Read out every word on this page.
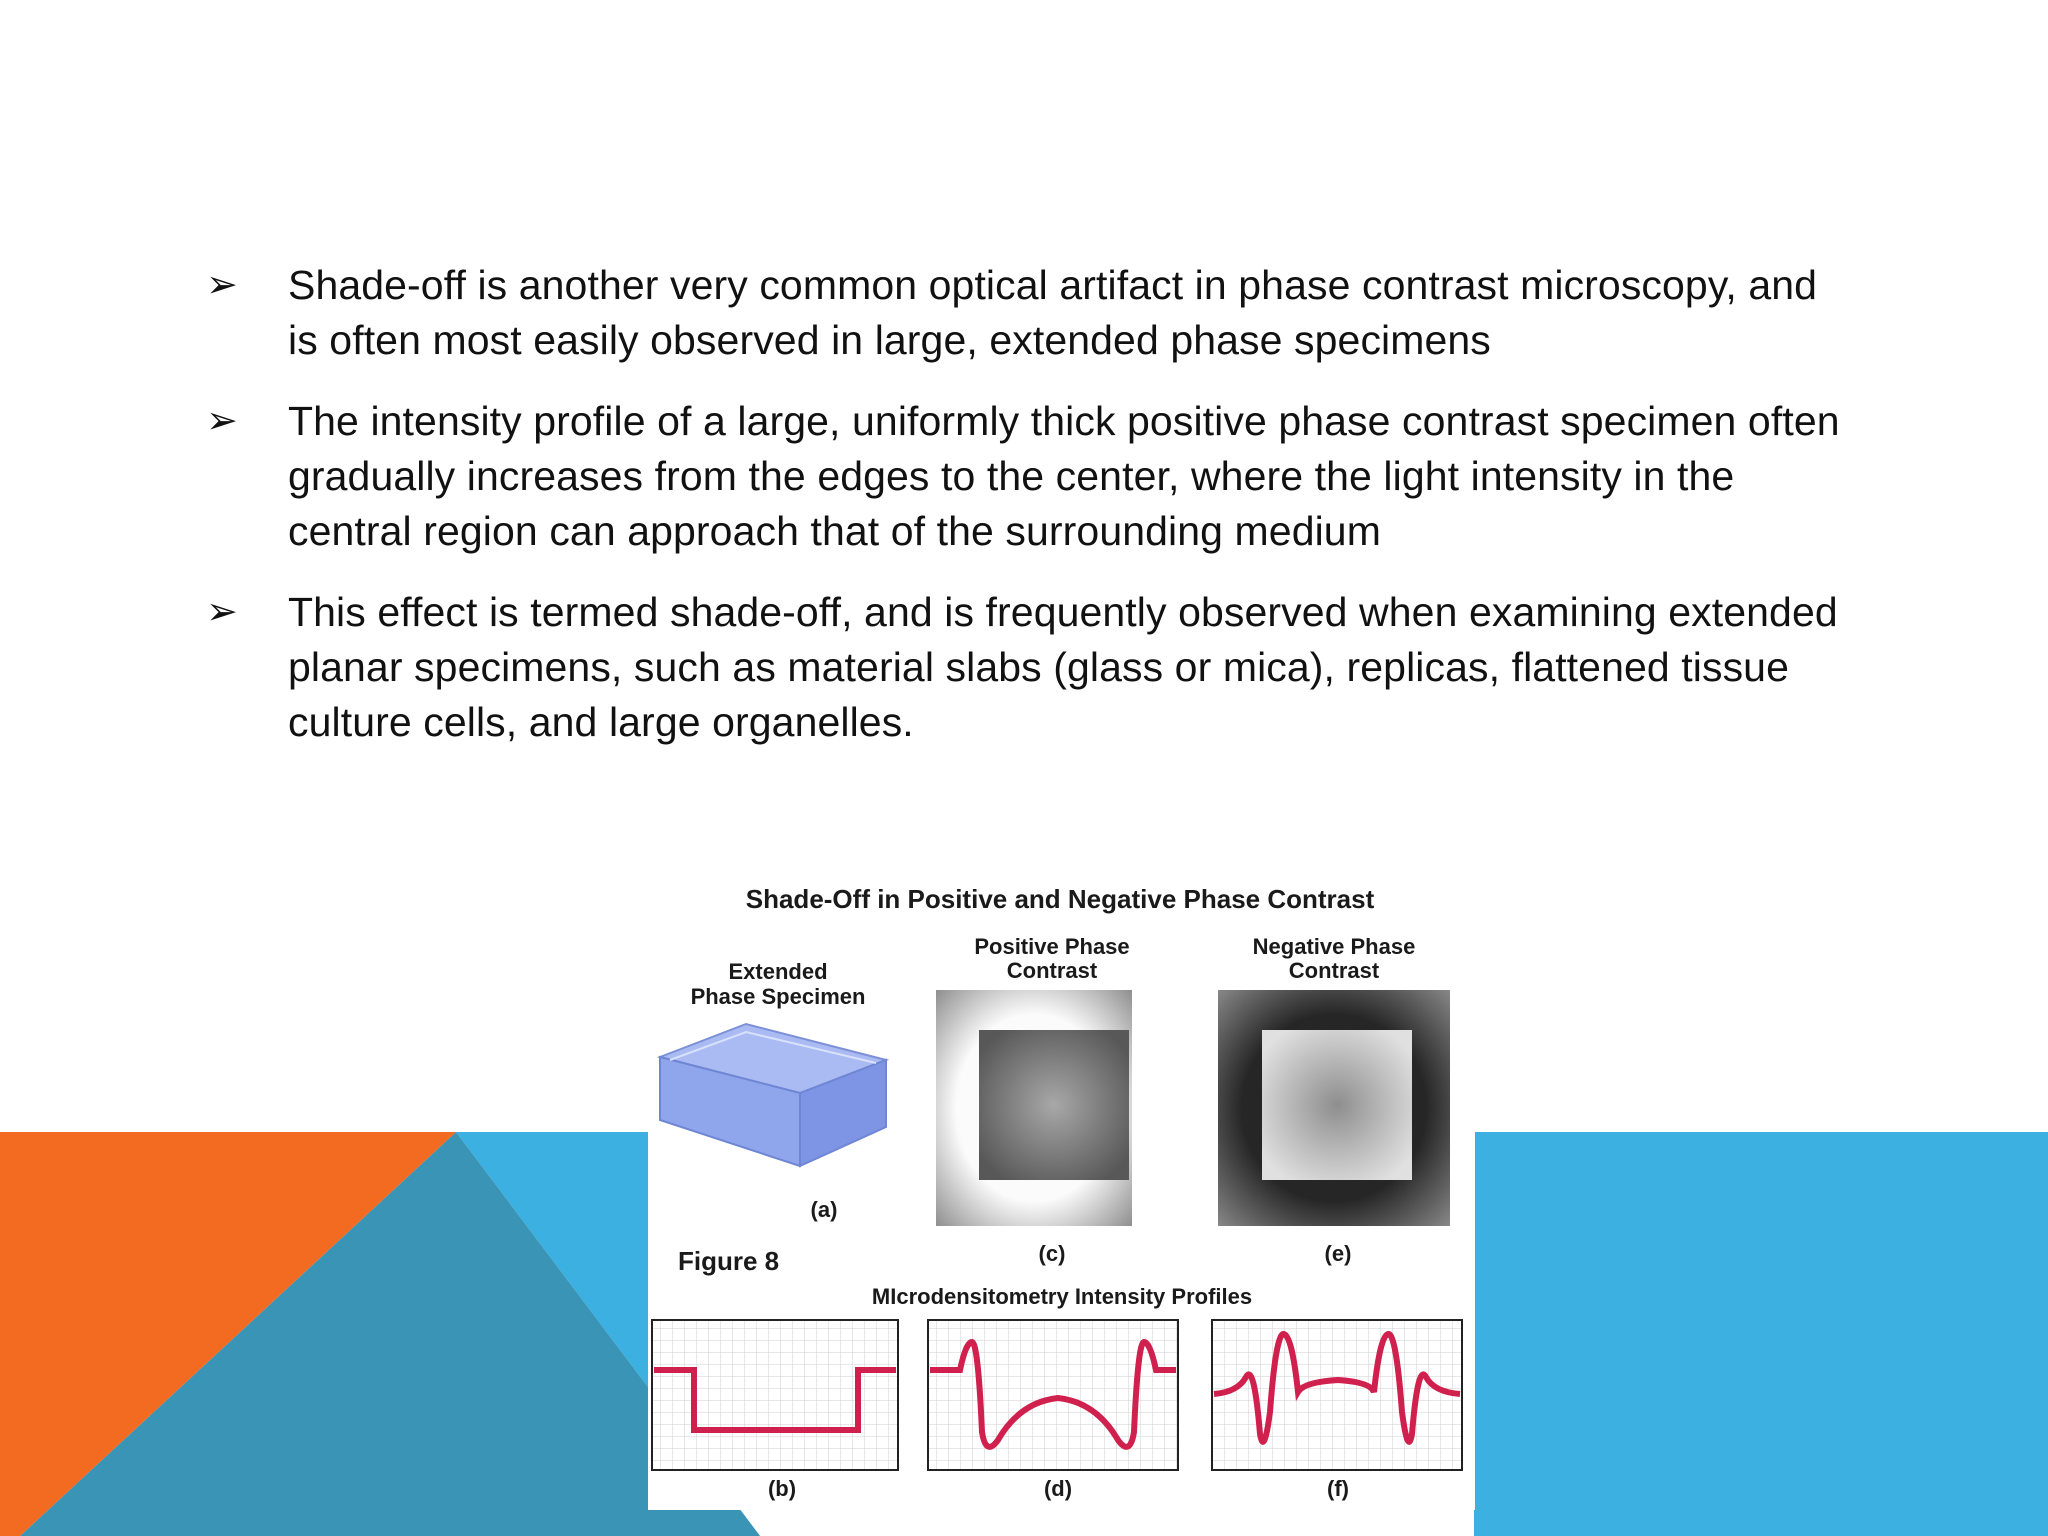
➢	Shade-off is another very common optical artifact in phase contrast microscopy, and is often most easily observed in large, extended phase specimens
➢	The intensity profile of a large, uniformly thick positive phase contrast specimen often gradually increases from the edges to the center, where the light intensity in the central region can approach that of the surrounding medium
➢	This effect is termed shade-off, and is frequently observed when examining extended planar specimens, such as material slabs (glass or mica), replicas, flattened tissue culture cells, and large organelles.
Shade-Off in Positive and Negative Phase Contrast
Extended
Phase Specimen
Positive Phase
Contrast
Negative Phase
Contrast
(a)
(c)	(e)
Figure 8
MIcrodensitometry Intensity Profiles
(b)	(d)	(f)
